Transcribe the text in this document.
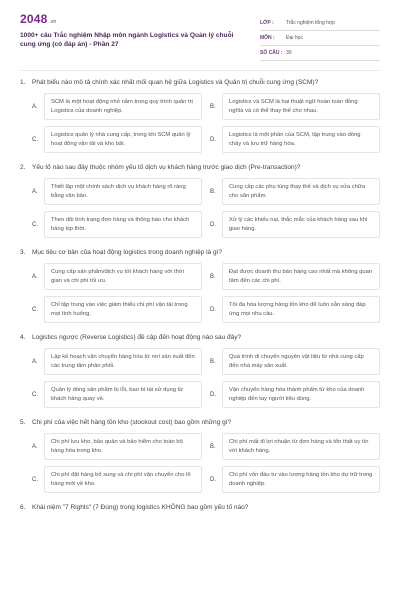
2048 .vn
1000+ câu Trắc nghiệm Nhập môn ngành Logistics và Quản lý chuỗi cung ứng (có đáp án) - Phần 27
LỚP :	Trắc nghiệm tổng hợp
MÔN :	Đại học
SỐ CÂU : 30
1.	Phát biểu nào mô tả chính xác nhất mối quan hệ giữa Logistics và Quản trị chuỗi cung ứng (SCM)?
A.
SCM là một hoạt động nhỏ nằm trong quy trình quản trị Logistics của doanh nghiệp.
B.
Logistics và SCM là hai thuật ngữ hoàn toàn đồng nghĩa và có thể thay thế cho nhau.
C.
Logistics quản lý nhà cung cấp, trong khi SCM quản lý hoạt động vận tải và kho bãi.
D.
Logistics là một phần của SCM, tập trung vào dòng chảy và lưu trữ hàng hóa.
2.	Yếu tố nào sau đây thuộc nhóm yếu tố dịch vụ khách hàng trước giao dịch (Pre-transaction)?
A.
Thiết lập một chính sách dịch vụ khách hàng rõ ràng bằng văn bản.
B.
Cung cấp các phụ tùng thay thế và dịch vụ sửa chữa cho sản phẩm.
C.
Theo dõi tình trạng đơn hàng và thông báo cho khách hàng kịp thời.
D.
Xử lý các khiếu nại, thắc mắc của khách hàng sau khi giao hàng.
3.	Mục tiêu cơ bản của hoạt động logistics trong doanh nghiệp là gì?
A.
Cung cấp sản phẩm/dịch vụ tới khách hàng với thời gian và chi phí tối ưu.
B.
Đạt được doanh thu bán hàng cao nhất mà không quan tâm đến các chi phí.
C.
Chỉ tập trung vào việc giảm thiểu chi phí vận tải trong mọi tình huống.
D.
Tối đa hóa lượng hàng tồn kho để luôn sẵn sàng đáp ứng mọi nhu cầu.
4.	Logistics ngược (Reverse Logistics) đề cập đến hoạt động nào sau đây?
A.
Lập kế hoạch vận chuyển hàng hóa từ nơi sản xuất đến các trung tâm phân phối.
B.
Quá trình di chuyển nguyên vật liệu từ nhà cung cấp đến nhà máy sản xuất.
C.
Quản lý dòng sản phẩm bị lỗi, bao bì tái sử dụng từ khách hàng quay về.
D.
Vận chuyển hàng hóa thành phẩm từ kho của doanh nghiệp đến tay người tiêu dùng.
5.	Chi phí của việc hết hàng tồn kho (stockout cost) bao gồm những gì?
A.
Chi phí lưu kho, bảo quản và bảo hiểm cho toàn bộ hàng hóa trong kho.
B.
Chi phí mất đi lợi nhuận từ đơn hàng và tổn thất uy tín với khách hàng.
C.
Chi phí đặt hàng bổ sung và chi phí vận chuyển cho lô hàng mới về kho.
D.
Chi phí vốn đầu tư vào lượng hàng tồn kho dự trữ trong doanh nghiệp.
6.	Khái niệm "7 Rights" (7 Đúng) trong logistics KHÔNG bao gồm yếu tố nào?
